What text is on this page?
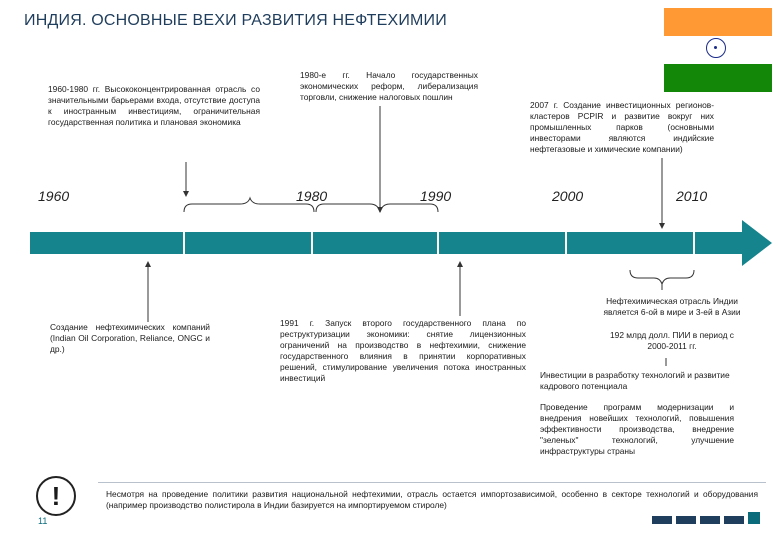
ИНДИЯ. ОСНОВНЫЕ ВЕХИ РАЗВИТИЯ НЕФТЕХИМИИ
1960-1980 гг. Высококонцентрированная отрасль со значительными барьерами входа, отсутствие доступа к иностранным инвестициям, ограничительная государственная политика и плановая экономика
1980-е гг. Начало государственных экономических реформ, либерализация торговли, снижение налоговых пошлин
2007 г. Создание инвестиционных регионов-кластеров PCPIR и развитие вокруг них промышленных парков (основными инвесторами являются индийские нефтегазовые и химические компании)
1960	1980	1990	2000	2010
Создание нефтехимических компаний (Indian Oil Corporation, Reliance, ONGC и др.)
1991 г. Запуск второго государственного плана по реструктуризации экономики: снятие лицензионных ограничений на производство в нефтехимии, снижение государственного влияния в принятии корпоративных решений, стимулирование увеличения потока иностранных инвестиций
Нефтехимическая отрасль Индии является 6-ой в мире и 3-ей в Азии
192 млрд долл. ПИИ в период с 2000-2011 гг.
Инвестиции в разработку технологий и развитие кадрового потенциала
Проведение программ модернизации и внедрения новейших технологий, повышения эффективности производства, внедрение "зеленых" технологий, улучшение инфраструктуры страны
!	Несмотря на проведение политики развития национальной нефтехимии, отрасль остается импортозависимой, особенно в секторе технологий и оборудования (например производство полистирола в Индии базируется на импортируемом стироле)
11
